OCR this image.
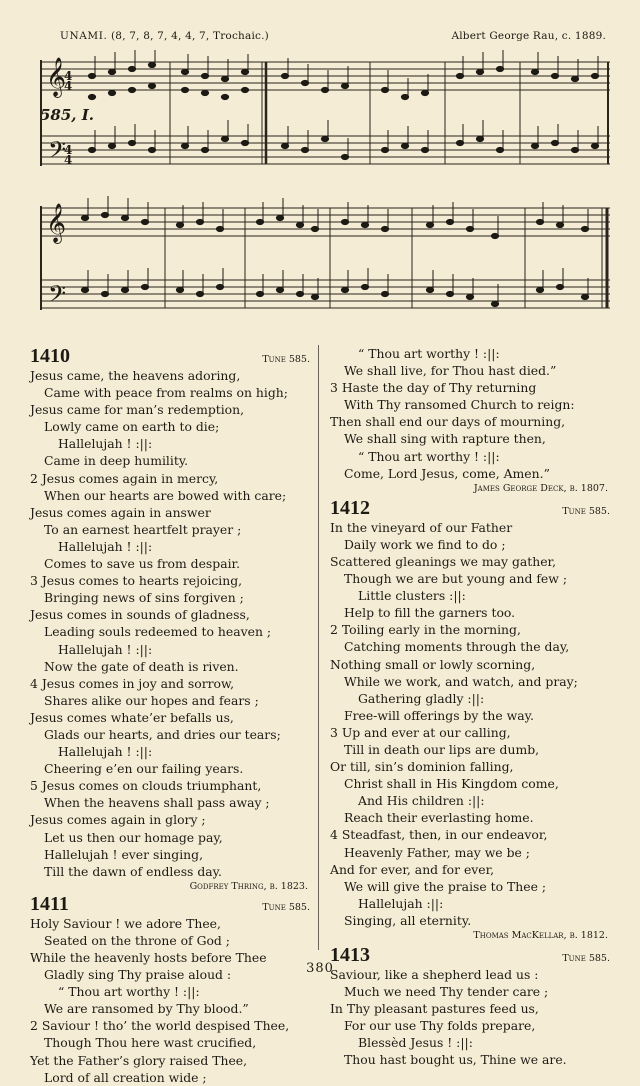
UNAMI. (8, 7, 8, 7, 4, 4, 7, Trochaic.)	Albert George Rau, c. 1889.
585, I.
𝄞
𝄢
4
4
4
4
𝄞
𝄢
1410	Tune 585.
Jesus came, the heavens adoring,
Came with peace from realms on high;
Jesus came for man’s redemption,
Lowly came on earth to die;
Hallelujah ! :||:
Came in deep humility.
2 Jesus comes again in mercy,
When our hearts are bowed with care;
Jesus comes again in answer
To an earnest heartfelt prayer ;
Hallelujah ! :||:
Comes to save us from despair.
3 Jesus comes to hearts rejoicing,
Bringing news of sins forgiven ;
Jesus comes in sounds of gladness,
Leading souls redeemed to heaven ;
Hallelujah ! :||:
Now the gate of death is riven.
4 Jesus comes in joy and sorrow,
Shares alike our hopes and fears ;
Jesus comes whate’er befalls us,
Glads our hearts, and dries our tears;
Hallelujah ! :||:
Cheering e’en our failing years.
5 Jesus comes on clouds triumphant,
When the heavens shall pass away ;
Jesus comes again in glory ;
Let us then our homage pay,
Hallelujah ! ever singing,
Till the dawn of endless day.
Godfrey Thring, b. 1823.
1411	Tune 585.
Holy Saviour ! we adore Thee,
Seated on the throne of God ;
While the heavenly hosts before Thee
Gladly sing Thy praise aloud :
“ Thou art worthy ! :||:
We are ransomed by Thy blood.”
2 Saviour ! tho’ the world despised Thee,
Though Thou here wast crucified,
Yet the Father’s glory raised Thee,
Lord of all creation wide ;
“ Thou art worthy ! :||:
We shall live, for Thou hast died.”
3 Haste the day of Thy returning
With Thy ransomed Church to reign:
Then shall end our days of mourning,
We shall sing with rapture then,
“ Thou art worthy ! :||:
Come, Lord Jesus, come, Amen.”
James George Deck, b. 1807.
1412	Tune 585.
In the vineyard of our Father
Daily work we find to do ;
Scattered gleanings we may gather,
Though we are but young and few ;
Little clusters :||:
Help to fill the garners too.
2 Toiling early in the morning,
Catching moments through the day,
Nothing small or lowly scorning,
While we work, and watch, and pray;
Gathering gladly :||:
Free-will offerings by the way.
3 Up and ever at our calling,
Till in death our lips are dumb,
Or till, sin’s dominion falling,
Christ shall in His Kingdom come,
And His children :||:
Reach their everlasting home.
4 Steadfast, then, in our endeavor,
Heavenly Father, may we be ;
And for ever, and for ever,
We will give the praise to Thee ;
Hallelujah :||:
Singing, all eternity.
Thomas MacKellar, b. 1812.
1413	Tune 585.
Saviour, like a shepherd lead us :
Much we need Thy tender care ;
In Thy pleasant pastures feed us,
For our use Thy folds prepare,
Blessèd Jesus ! :||:
Thou hast bought us, Thine we are.
380
